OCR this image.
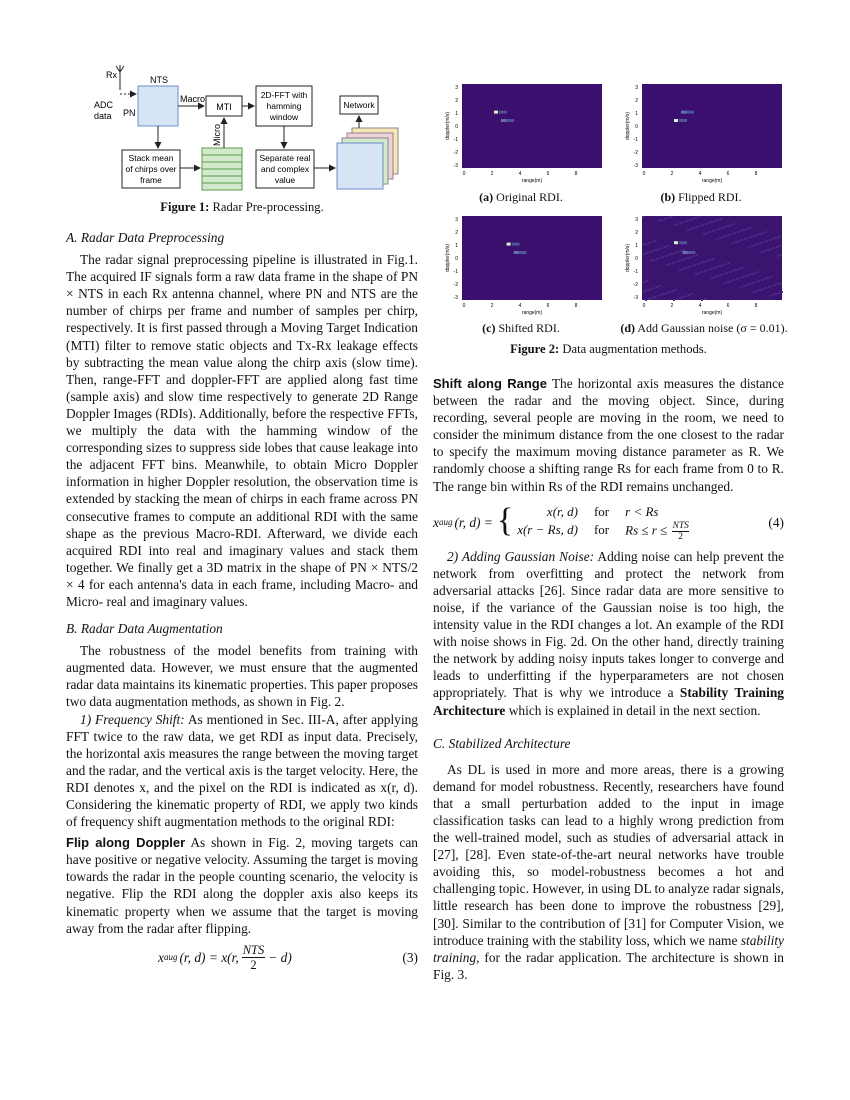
Rx	NTS
ADC
data PN
Macro
MTI
2D-FFT with
hamming
window
Network
Stack mean
of chirps over
frame
Micro
Separate real
and complex
value
Figure 1: Radar Pre-processing.
3
2
1
0
-1
-2
-3
0	2	4	6	8
range(m)
doppler(m/s)
3
2
1
0
-1
-2
-3
0	2	4	6	8
range(m)
doppler(m/s)
3
2
1
0
-1
-2
-3
0	2	4	6	8
range(m)
doppler(m/s)
3
2
1
0
-1
-2
-3
0	2	4	6	8
range(m)
doppler(m/s)
(a) Original RDI.	(b) Flipped RDI.
(c) Shifted RDI.	(d) Add Gaussian noise (σ = 0.01).
Figure 2: Data augmentation methods.

A. Radar Data Preprocessing

The radar signal preprocessing pipeline is illustrated in Fig.1. The acquired IF signals form a raw data frame in the shape of PN × NTS in each Rx antenna channel, where PN and NTS are the number of chirps per frame and number of samples per chirp, respectively. It is first passed through a Moving Target Indication (MTI) filter to remove static objects and Tx-Rx leakage effects by subtracting the mean value along the chirp axis (slow time). Then, range-FFT and doppler-FFT are applied along fast time (sample axis) and slow time respectively to generate 2D Range Doppler Images (RDIs). Additionally, before the respective FFTs, we multiply the data with the hamming window of the corresponding sizes to suppress side lobes that cause leakage into the adjacent FFT bins. Meanwhile, to obtain Micro Doppler information in higher Doppler resolution, the observation time is extended by stacking the mean of chirps in each frame across PN consecutive frames to compute an additional RDI with the same shape as the previous Macro-RDI. Afterward, we divide each acquired RDI into real and imaginary values and stack them together. We finally get a 3D matrix in the shape of PN × NTS/2 × 4 for each antenna's data in each frame, including Macro- and Micro- real and imaginary values.

B. Radar Data Augmentation

The robustness of the model benefits from training with augmented data. However, we must ensure that the augmented radar data maintains its kinematic properties. This paper proposes two data augmentation methods, as shown in Fig. 2.

1) Frequency Shift: As mentioned in Sec. III-A, after applying FFT twice to the raw data, we get RDI as input data. Precisely, the horizontal axis measures the range between the moving target and the radar, and the vertical axis is the target velocity. Here, the RDI denotes x, and the pixel on the RDI is indicated as x(r, d). Considering the kinematic property of RDI, we apply two kinds of frequency shift augmentation methods to the original RDI:

Flip along Doppler As shown in Fig. 2, moving targets can have positive or negative velocity. Assuming the target is moving towards the radar in the people counting scenario, the velocity is negative. Flip the RDI along the doppler axis also keeps its kinematic property when we assume that the target is moving away from the radar after flipping.

x aug (r, d) = x(r, NTS
2
− d)	(3)

Shift along Range The horizontal axis measures the distance between the radar and the moving object. Since, during recording, several people are moving in the room, we need to consider the minimum distance from the one closest to the radar to specify the maximum moving distance parameter as R. We randomly choose a shifting range Rs for each frame from 0 to R. The range bin within Rs of the RDI remains unchanged.

x aug (r, d) = {	x(r, d) for r < Rs
x(r − Rs, d) for Rs ≤ r ≤ NTS
2
(4)

2) Adding Gaussian Noise: Adding noise can help prevent the network from overfitting and protect the network from adversarial attacks [26]. Since radar data are more sensitive to noise, if the variance of the Gaussian noise is too high, the intensity value in the RDI changes a lot. An example of the RDI with noise shows in Fig. 2d. On the other hand, directly training the network by adding noisy inputs takes longer to converge and leads to underfitting if the hyperparameters are not chosen appropriately. That is why we introduce a Stability Training Architecture which is explained in detail in the next section.

C. Stabilized Architecture

As DL is used in more and more areas, there is a growing demand for model robustness. Recently, researchers have found that a small perturbation added to the input in image classification tasks can lead to a highly wrong prediction from the well-trained model, such as studies of adversarial attack in [27], [28]. Even state-of-the-art neural networks have trouble avoiding this, so model-robustness becomes a hot and challenging topic. However, in using DL to analyze radar signals, little research has been done to improve the robustness [29], [30]. Similar to the contribution of [31] for Computer Vision, we introduce training with the stability loss, which we name stability training, for the radar application. The architecture is shown in Fig. 3.
